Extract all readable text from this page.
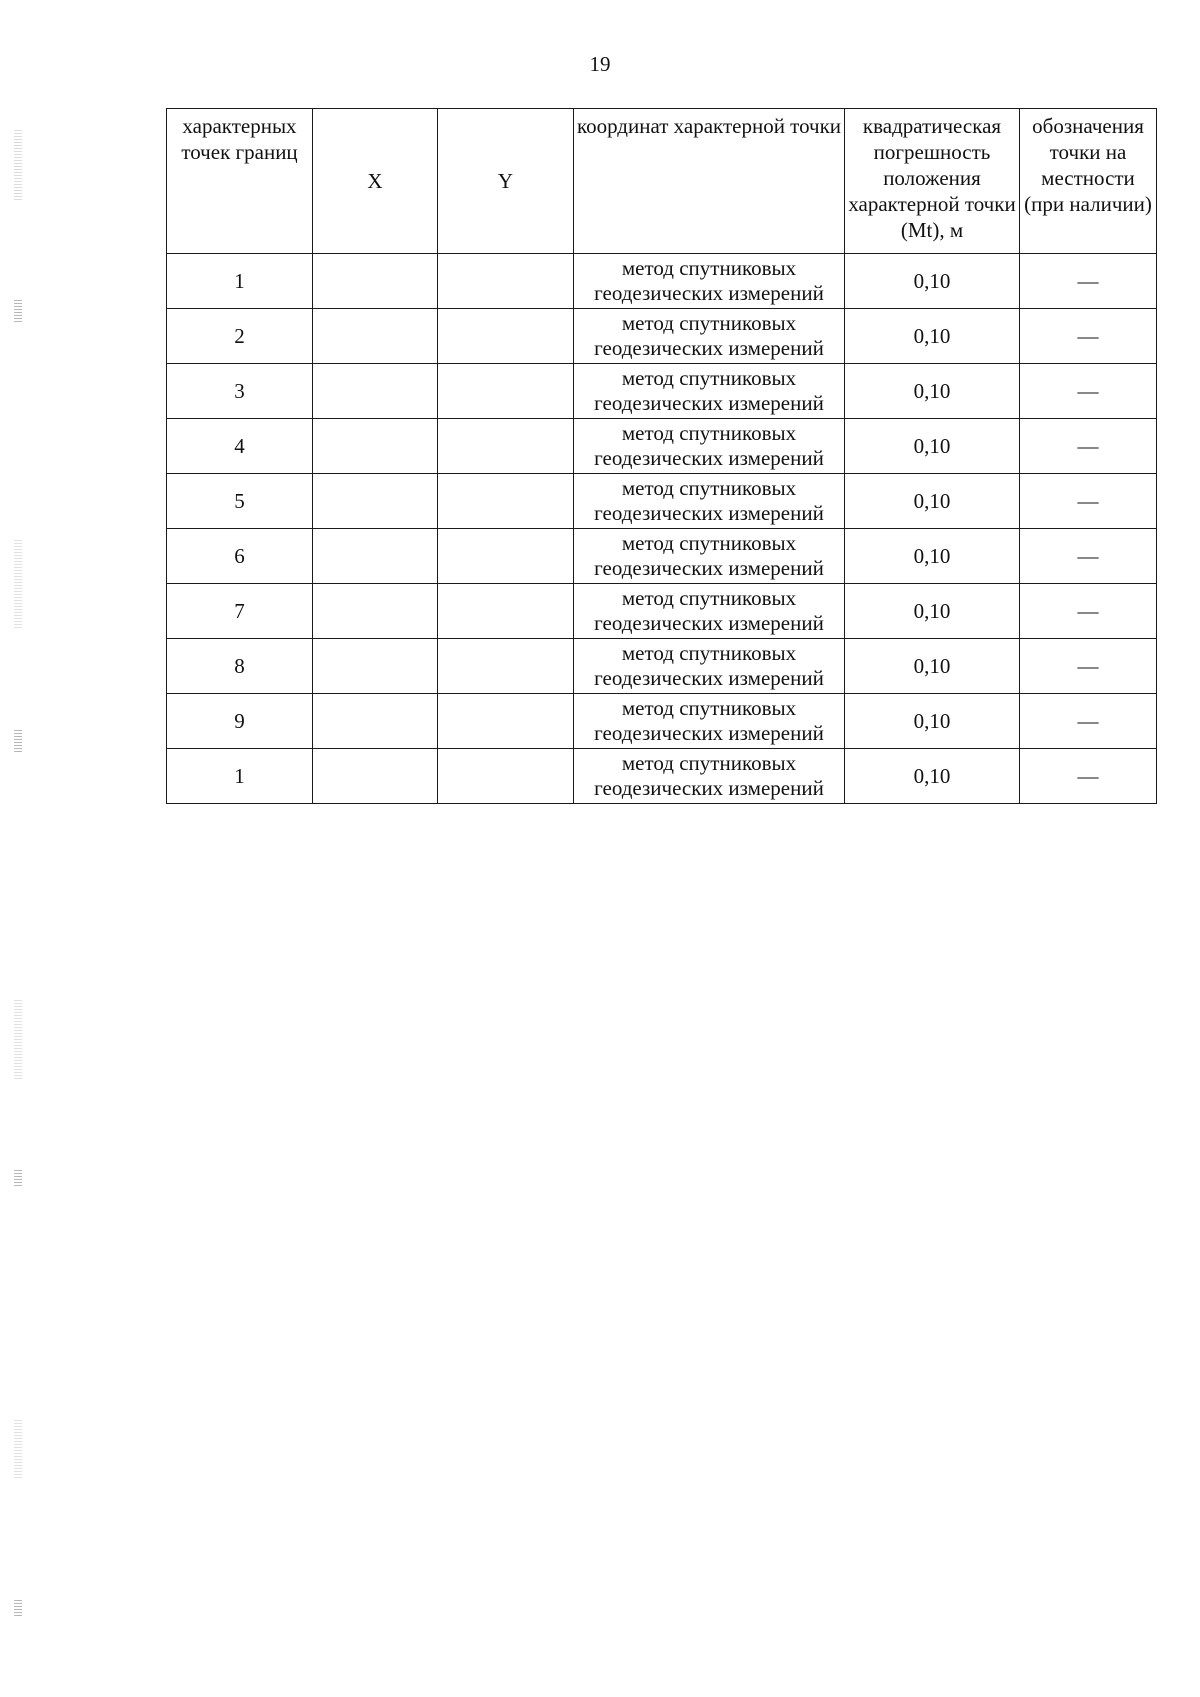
19
характерных точек границ	X	Y	координат характерной точки	квадратическая погрешность положения характерной точки (Mt), м	обозначения точки на местности (при наличии)
1			метод спутниковых геодезических измерений	0,10	—
2			метод спутниковых геодезических измерений	0,10	—
3			метод спутниковых геодезических измерений	0,10	—
4			метод спутниковых геодезических измерений	0,10	—
5			метод спутниковых геодезических измерений	0,10	—
6			метод спутниковых геодезических измерений	0,10	—
7			метод спутниковых геодезических измерений	0,10	—
8			метод спутниковых геодезических измерений	0,10	—
9			метод спутниковых геодезических измерений	0,10	—
1			метод спутниковых геодезических измерений	0,10	—
